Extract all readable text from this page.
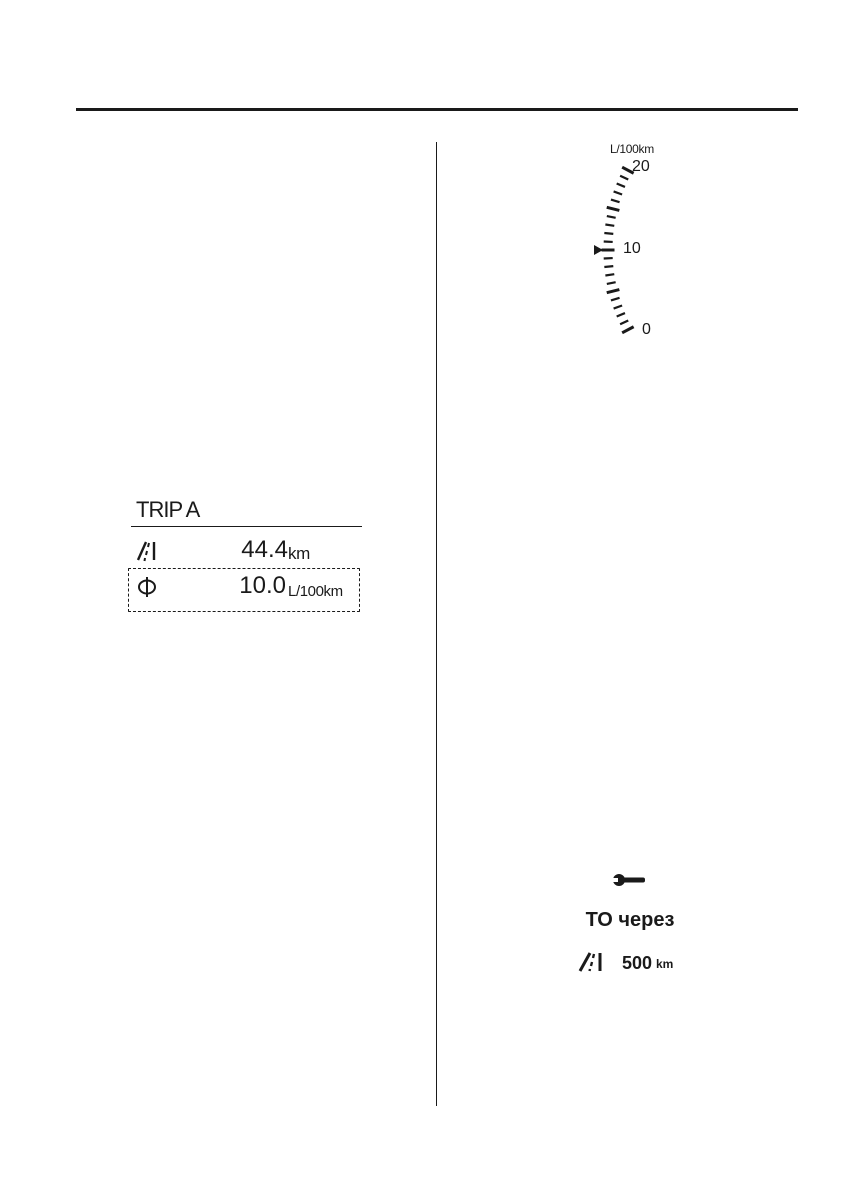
TRIP A
44.4 km
10.0 L/100km
L/100km
20
10
0
ТО через
500 km
